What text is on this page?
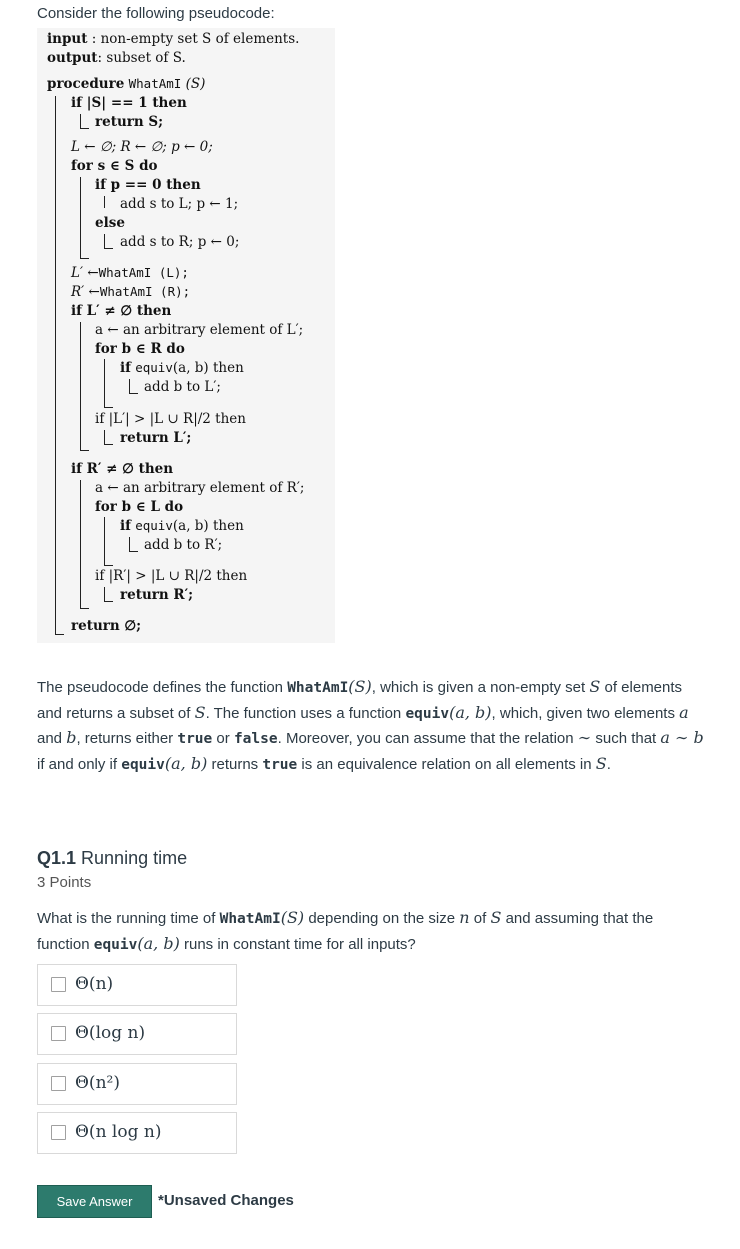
Consider the following pseudocode:
input : non-empty set S of elements.
output: subset of S.
procedure WhatAmI (S)
if |S| == 1 then
return S;
L ← ∅; R ← ∅; p ← 0;
for s ∈ S do
if p == 0 then
add s to L; p ← 1;
else
add s to R; p ← 0;
L′ ←WhatAmI (L);
R′ ←WhatAmI (R);
if L′ ≠ ∅ then
a ← an arbitrary element of L′;
for b ∈ R do
if equiv(a, b) then
add b to L′;
if |L′| > |L ∪ R|/2 then
return L′;
if R′ ≠ ∅ then
a ← an arbitrary element of R′;
for b ∈ L do
if equiv(a, b) then
add b to R′;
if |R′| > |L ∪ R|/2 then
return R′;
return ∅;
The pseudocode defines the function WhatAmI(S), which is given a non-empty set S of elements and returns a subset of S. The function uses a function equiv(a, b), which, given two elements a and b, returns either true or false. Moreover, you can assume that the relation ∼ such that a ∼ b if and only if equiv(a, b) returns true is an equivalence relation on all elements in S.
Q1.1 Running time
3 Points
What is the running time of WhatAmI(S) depending on the size n of S and assuming that the function equiv(a, b) runs in constant time for all inputs?
Θ(n)
Θ(log n)
Θ(n²)
Θ(n log n)
Save Answer	*Unsaved Changes
